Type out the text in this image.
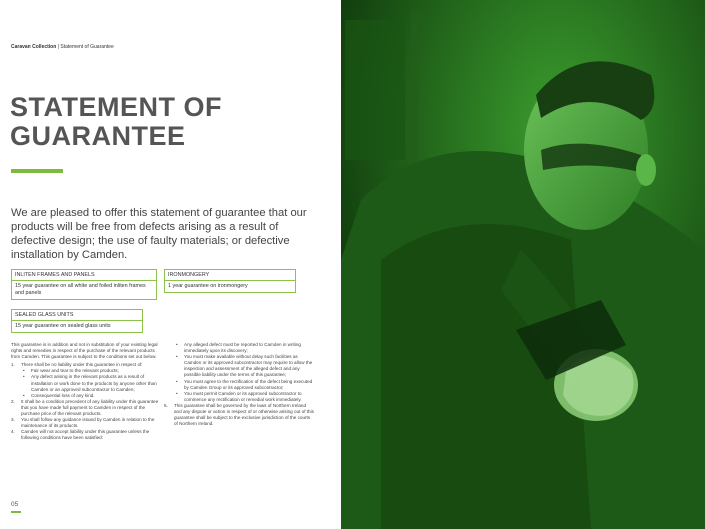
Caravan Collection | Statement of Guarantee
STATEMENT OF
GUARANTEE
We are pleased to offer this statement of guarantee that our products will be free from defects arising as a result of defective design; the use of faulty materials; or defective installation by Camden.
INLITEN FRAMES AND PANELS
15 year guarantee on all white and foiled inliten frames and panels
IRONMONGERY
1 year guarantee on ironmongery
SEALED GLASS UNITS
15 year guarantee on sealed glass units

This guarantee is in addition and not in substitution of your existing legal rights and remedies in respect of the purchase of the relevant products from Camden. This guarantee is subject to the conditions set out below.

1. There shall be no liability under this guarantee in respect of:
• Fair wear and tear to the relevant products;
• Any defect arising in the relevant products as a result of installation or work done to the products by anyone other than Camden or an approved subcontractor to Camden;
• Consequential loss of any kind.
2. It shall be a condition precedent of any liability under this guarantee that you have made full payment to Camden in respect of the purchase price of the relevant products.
3. You shall follow any guidance issued by Camden in relation to the maintenance of its products.
4. Camden will not accept liability under this guarantee unless the following conditions have been satisfied:
• Any alleged defect must be reported to Camden in writing immediately upon its discovery;
• You must make available without delay such facilities as Camden or its approved subcontractor may require to allow the inspection and assessment of the alleged defect and any possible liability under the terms of this guarantee;
• You must agree to the rectification of the defect being executed by Camden Group or its approved subcontractor;
• You must permit Camden or its approved subcontractor to commence any rectification or remedial work immediately.
5. This guarantee shall be governed by the laws of Northern Ireland and any dispute or action in respect of or otherwise arising out of this guarantee shall be subject to the exclusive jurisdiction of the courts of Northern Ireland.
05
